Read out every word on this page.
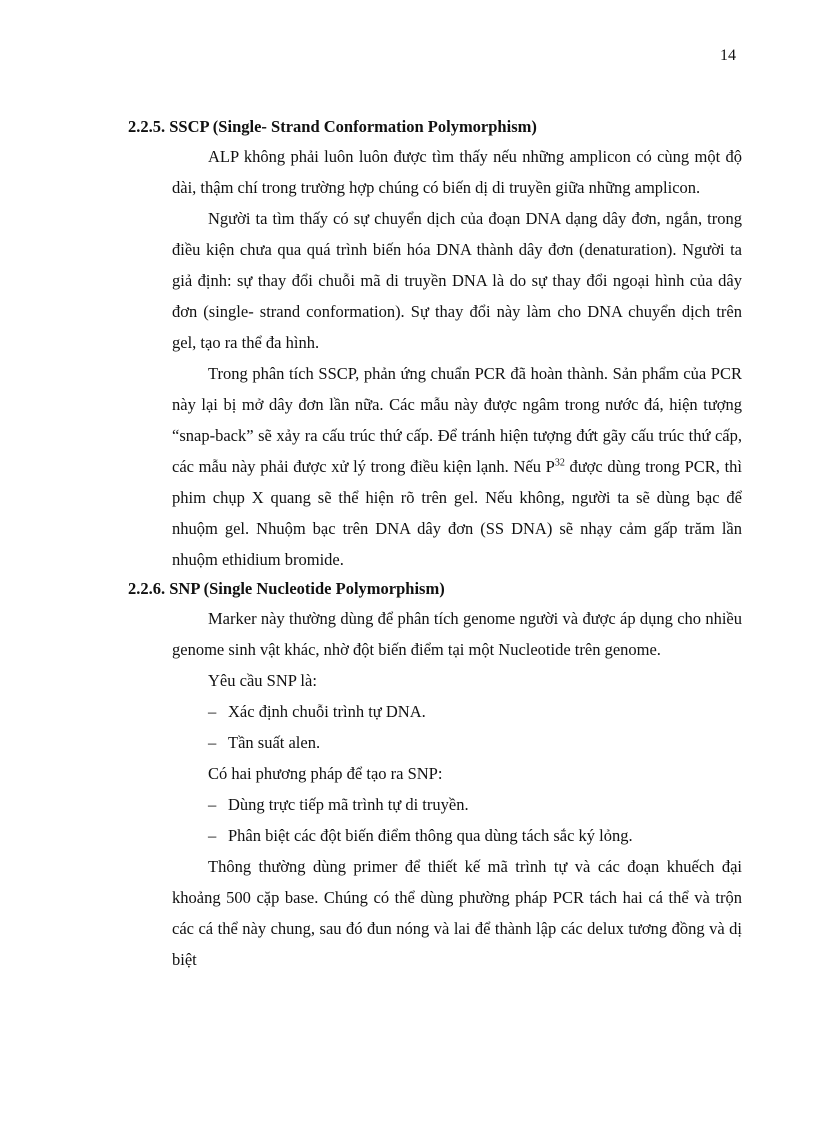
14

2.2.5. SSCP (Single- Strand Conformation Polymorphism)

ALP không phải luôn luôn được tìm thấy nếu những amplicon có cùng một độ dài, thậm chí trong trường hợp chúng có biến dị di truyền giữa những amplicon.

Người ta tìm thấy có sự chuyển dịch của đoạn DNA dạng dây đơn, ngắn, trong điều kiện chưa qua quá trình biến hóa DNA thành dây đơn (denaturation). Người ta giả định: sự thay đổi chuỗi mã di truyền DNA là do sự thay đổi ngoại hình của dây đơn (single- strand conformation). Sự thay đổi này làm cho DNA chuyển dịch trên gel, tạo ra thể đa hình.

Trong phân tích SSCP, phản ứng chuẩn PCR đã hoàn thành. Sản phẩm của PCR này lại bị mở dây đơn lần nữa. Các mẫu này được ngâm trong nước đá, hiện tượng “snap-back” sẽ xảy ra cấu trúc thứ cấp. Để tránh hiện tượng đứt gãy cấu trúc thứ cấp, các mẫu này phải được xử lý trong điều kiện lạnh. Nếu $P^{32}$ được dùng trong PCR, thì phim chụp X quang sẽ thể hiện rõ trên gel. Nếu không, người ta sẽ dùng bạc để nhuộm gel. Nhuộm bạc trên DNA dây đơn (SS DNA) sẽ nhạy cảm gấp trăm lần nhuộm ethidium bromide.

2.2.6. SNP (Single Nucleotide Polymorphism)

Marker này thường dùng để phân tích genome người và được áp dụng cho nhiều genome sinh vật khác, nhờ đột biến điểm tại một Nucleotide trên genome.

Yêu cầu SNP là:

– Xác định chuỗi trình tự DNA.

– Tần suất alen.

Có hai phương pháp để tạo ra SNP:

– Dùng trực tiếp mã trình tự di truyền.

– Phân biệt các đột biến điểm thông qua dùng tách sắc ký lỏng.

Thông thường dùng primer để thiết kế mã trình tự và các đoạn khuếch đại khoảng 500 cặp base. Chúng có thể dùng phường pháp PCR tách hai cá thể và trộn các cá thể này chung, sau đó đun nóng và lai để thành lập các delux tương đồng và dị biệt
